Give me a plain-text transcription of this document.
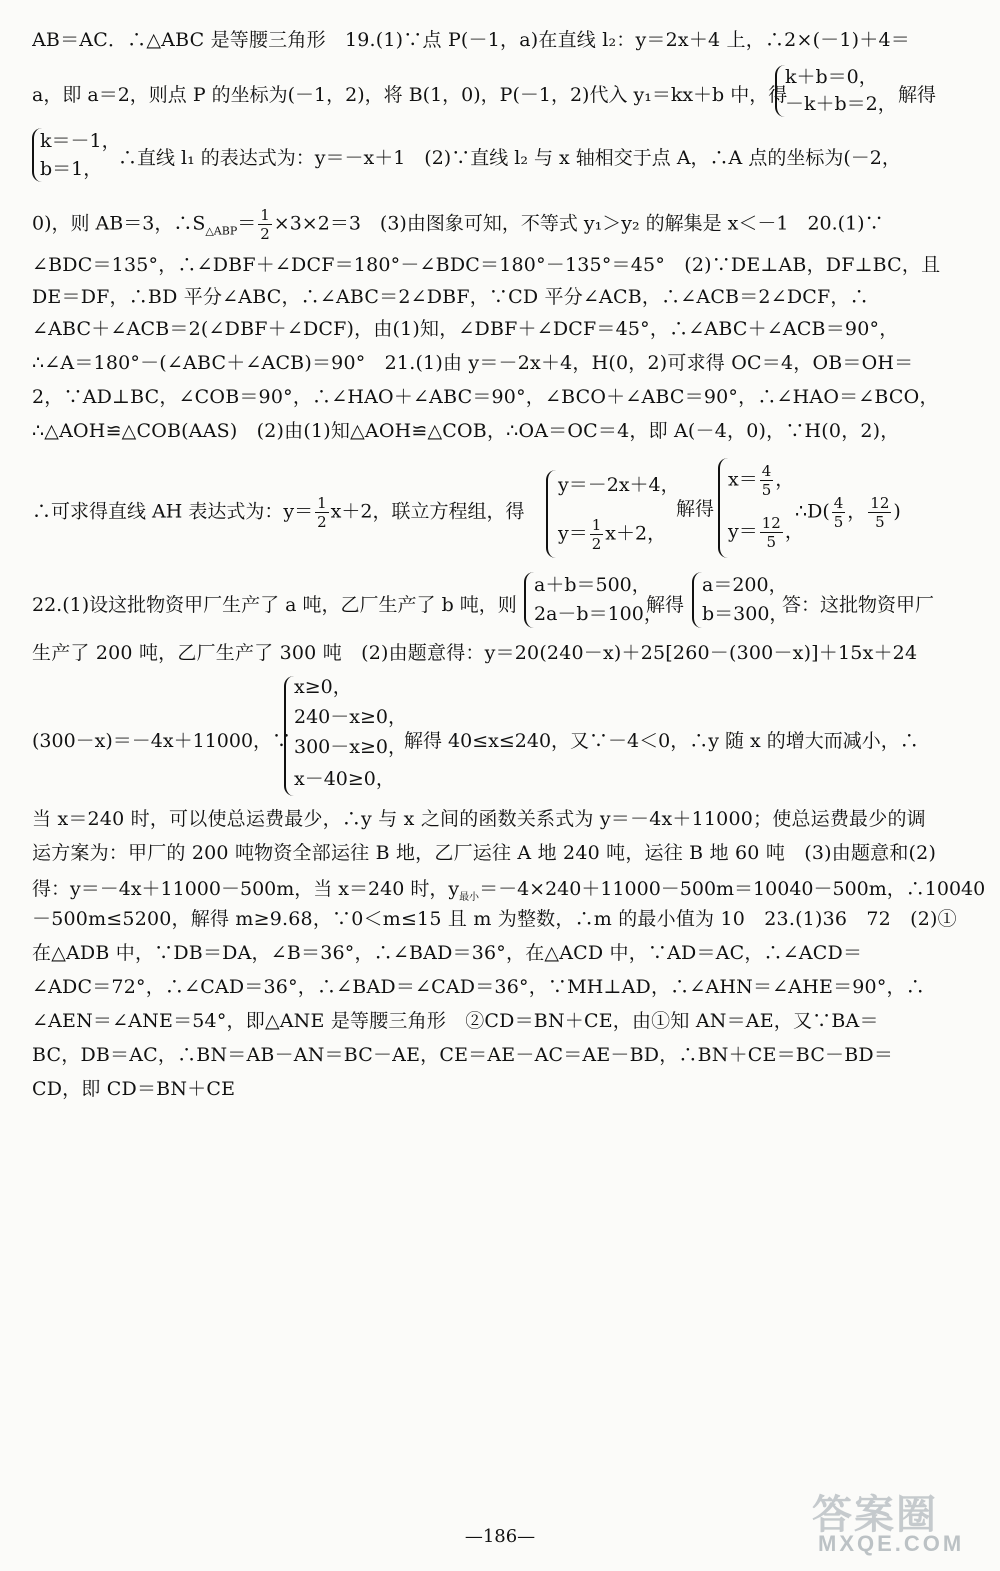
AB＝AC．∴△ABC 是等腰三角形　19.(1)∵点 P(－1，a)在直线 l₂：y＝2x＋4 上，∴2×(－1)＋4＝
a，即 a＝2，则点 P 的坐标为(－1，2)，将 B(1，0)，P(－1，2)代入 y₁＝kx＋b 中，得
k＋b＝0，
－k＋b＝2， 解得
k＝－1，
b＝1， ∴直线 l₁ 的表达式为：y＝－x＋1　(2)∵直线 l₂ 与 x 轴相交于点 A，∴A 点的坐标为(－2，
0)，则 AB＝3，$\therefore S_{\triangle ABP}= \frac{1}{2} \times 3\times 2=3$　(3)由图象可知，不等式 y₁＞y₂ 的解集是 x＜－1　20.(1)∵
∠BDC＝135°，∴∠DBF＋∠DCF＝180°－∠BDC＝180°－135°＝45°　(2)∵DE⊥AB，DF⊥BC，且
DE＝DF，∴BD 平分∠ABC，∴∠ABC＝2∠DBF，∵CD 平分∠ACB，∴∠ACB＝2∠DCF，∴
∠ABC＋∠ACB＝2(∠DBF＋∠DCF)，由(1)知，∠DBF＋∠DCF＝45°，∴∠ABC＋∠ACB＝90°，
∴∠A＝180°－(∠ABC＋∠ACB)＝90°　21.(1)由 y＝－2x＋4，H(0，2)可求得 OC＝4，OB＝OH＝
2，∵AD⊥BC，∠COB＝90°，∴∠HAO＋∠ABC＝90°，∠BCO＋∠ABC＝90°，∴∠HAO＝∠BCO，
∴△AOH≌△COB(AAS)　(2)由(1)知△AOH≌△COB，∴OA＝OC＝4，即 A(－4，0)，∵H(0，2)，
∴可求得直线 AH 表达式为：$y= \frac{1}{2} x+2$，联立方程组，得
y＝－2x＋4，
$y= \frac{1}{2} x+2$，
解得
$x= \frac{4}{5}$ ，
$y= \frac{12}{5}$ ，
∴D( $\frac{4}{5}$ ， $\frac{12}{5}$ )
22.(1)设这批物资甲厂生产了 a 吨，乙厂生产了 b 吨，则
a＋b＝500，
2a－b＝100，
解得
a＝200，
b＝300，
答：这批物资甲厂
生产了 200 吨，乙厂生产了 300 吨　(2)由题意得：y＝20(240－x)＋25[260－(300－x)]＋15x＋24
(300－x)＝－4x＋11000，∵
x≥0，
240－x≥0，
300－x≥0，
x－40≥0，
解得 40≤x≤240，又∵－4＜0，∴y 随 x 的增大而减小，∴
当 x＝240 时，可以使总运费最少，∴y 与 x 之间的函数关系式为 y＝－4x＋11000；使总运费最少的调
运方案为：甲厂的 200 吨物资全部运往 B 地，乙厂运往 A 地 240 吨，运往 B 地 60 吨　(3)由题意和(2)
得：y＝－4x＋11000－500m，当 x＝240 时，$y_{最小}=-4\times 240+11000-500m=10040-500m$，∴10040
－500m≤5200，解得 m≥9.68，∵0＜m≤15 且 m 为整数，∴m 的最小值为 10　23.(1)36　72　(2)①
在△ADB 中，∵DB＝DA，∠B＝36°，∴∠BAD＝36°，在△ACD 中，∵AD＝AC，∴∠ACD＝
∠ADC＝72°，∴∠CAD＝36°，∴∠BAD＝∠CAD＝36°，∵MH⊥AD，∴∠AHN＝∠AHE＝90°，∴
∠AEN＝∠ANE＝54°，即△ANE 是等腰三角形　②CD＝BN＋CE，由①知 AN＝AE，又∵BA＝
BC，DB＝AC，∴BN＝AB－AN＝BC－AE，CE＝AE－AC＝AE－BD，∴BN＋CE＝BC－BD＝
CD，即 CD＝BN＋CE
—186—	答案圈
MXQE.COM
